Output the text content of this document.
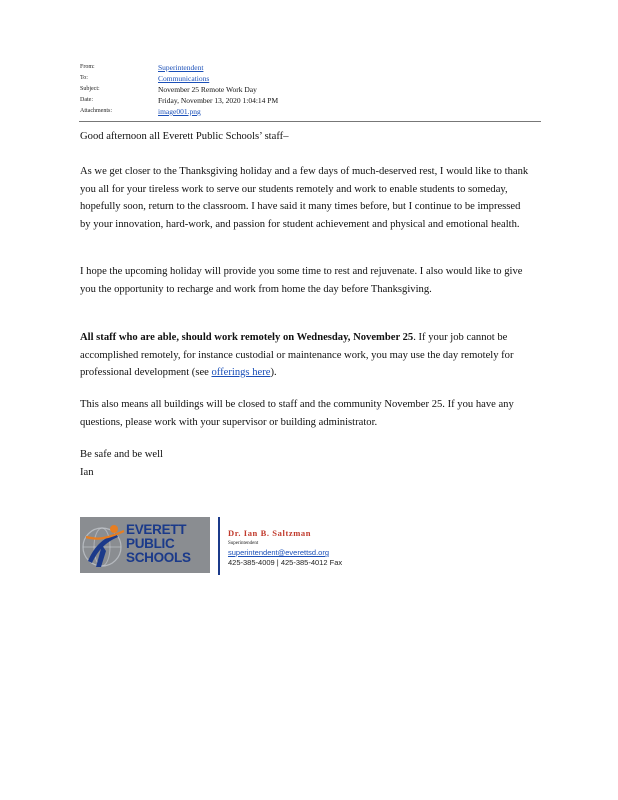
From:	Superintendent
To:	Communications
Subject:	November 25 Remote Work Day
Date:	Friday, November 13, 2020 1:04:14 PM
Attachments:	image001.png

Good afternoon all Everett Public Schools’ staff–

As we get closer to the Thanksgiving holiday and a few days of much-deserved rest, I would like to thank you all for your tireless work to serve our students remotely and work to enable students to someday, hopefully soon, return to the classroom. I have said it many times before, but I continue to be impressed by your innovation, hard-work, and passion for student achievement and physical and emotional health.

I hope the upcoming holiday will provide you some time to rest and rejuvenate. I also would like to give you the opportunity to recharge and work from home the day before Thanksgiving.

All staff who are able, should work remotely on Wednesday, November 25. If your job cannot be accomplished remotely, for instance custodial or maintenance work, you may use the day remotely for professional development (see offerings here).

This also means all buildings will be closed to staff and the community November 25. If you have any questions, please work with your supervisor or building administrator.

Be safe and be well

Ian

EVERETT
PUBLIC
SCHOOLS
Dr. Ian B. Saltzman
Superintendent
superintendent@everettsd.org
425-385-4009 | 425-385-4012 Fax
